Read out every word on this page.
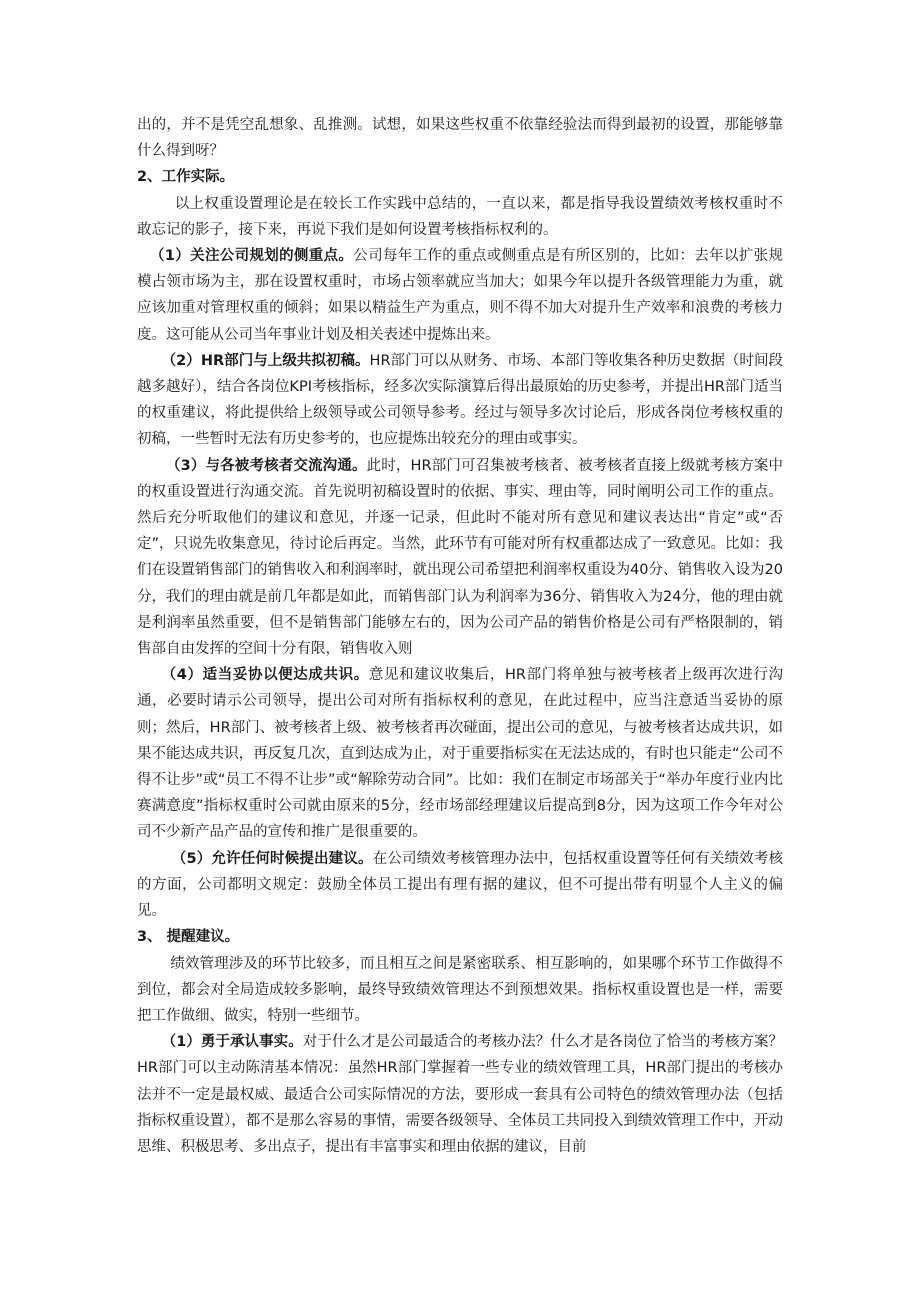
出的，并不是凭空乱想象、乱推测。试想，如果这些权重不依靠经验法而得到最初的设置，那能够靠什么得到呀？

2、工作实际。

以上权重设置理论是在较长工作实践中总结的，一直以来，都是指导我设置绩效考核权重时不敢忘记的影子，接下来，再说下我们是如何设置考核指标权利的。

（1）关注公司规划的侧重点。公司每年工作的重点或侧重点是有所区别的，比如：去年以扩张规模占领市场为主，那在设置权重时，市场占领率就应当加大；如果今年以提升各级管理能力为重，就应该加重对管理权重的倾斜；如果以精益生产为重点，则不得不加大对提升生产效率和浪费的考核力度。这可能从公司当年事业计划及相关表述中提炼出来。

（2）HR部门与上级共拟初稿。HR部门可以从财务、市场、本部门等收集各种历史数据（时间段越多越好），结合各岗位KPI考核指标，经多次实际演算后得出最原始的历史参考，并提出HR部门适当的权重建议，将此提供给上级领导或公司领导参考。经过与领导多次讨论后，形成各岗位考核权重的初稿，一些暂时无法有历史参考的，也应提炼出较充分的理由或事实。

（3）与各被考核者交流沟通。此时，HR部门可召集被考核者、被考核者直接上级就考核方案中的权重设置进行沟通交流。首先说明初稿设置时的依据、事实、理由等，同时阐明公司工作的重点。然后充分听取他们的建议和意见，并逐一记录，但此时不能对所有意见和建议表达出“肯定”或“否定”，只说先收集意见，待讨论后再定。当然，此环节有可能对所有权重都达成了一致意见。比如：我们在设置销售部门的销售收入和利润率时，就出现公司希望把利润率权重设为40分、销售收入设为20分，我们的理由就是前几年都是如此，而销售部门认为利润率为36分、销售收入为24分，他的理由就是利润率虽然重要，但不是销售部门能够左右的，因为公司产品的销售价格是公司有严格限制的，销售部自由发挥的空间十分有限，销售收入则

（4）适当妥协以便达成共识。意见和建议收集后，HR部门将单独与被考核者上级再次进行沟通，必要时请示公司领导，提出公司对所有指标权利的意见，在此过程中，应当注意适当妥协的原则；然后，HR部门、被考核者上级、被考核者再次碰面，提出公司的意见，与被考核者达成共识，如果不能达成共识，再反复几次，直到达成为止，对于重要指标实在无法达成的，有时也只能走“公司不得不让步”或“员工不得不让步”或“解除劳动合同”。比如：我们在制定市场部关于“举办年度行业内比赛满意度”指标权重时公司就由原来的5分，经市场部经理建议后提高到8分，因为这项工作今年对公司不少新产品产品的宣传和推广是很重要的。

（5）允许任何时候提出建议。在公司绩效考核管理办法中，包括权重设置等任何有关绩效考核的方面，公司都明文规定：鼓励全体员工提出有理有据的建议，但不可提出带有明显个人主义的偏见。

3、 提醒建议。

绩效管理涉及的环节比较多，而且相互之间是紧密联系、相互影响的，如果哪个环节工作做得不到位，都会对全局造成较多影响，最终导致绩效管理达不到预想效果。指标权重设置也是一样，需要把工作做细、做实，特别一些细节。

（1）勇于承认事实。对于什么才是公司最适合的考核办法？什么才是各岗位了恰当的考核方案？HR部门可以主动陈清基本情况：虽然HR部门掌握着一些专业的绩效管理工具，HR部门提出的考核办法并不一定是最权威、最适合公司实际情况的方法，要形成一套具有公司特色的绩效管理办法（包括指标权重设置），都不是那么容易的事情，需要各级领导、全体员工共同投入到绩效管理工作中，开动思维、积极思考、多出点子，提出有丰富事实和理由依据的建议，目前
